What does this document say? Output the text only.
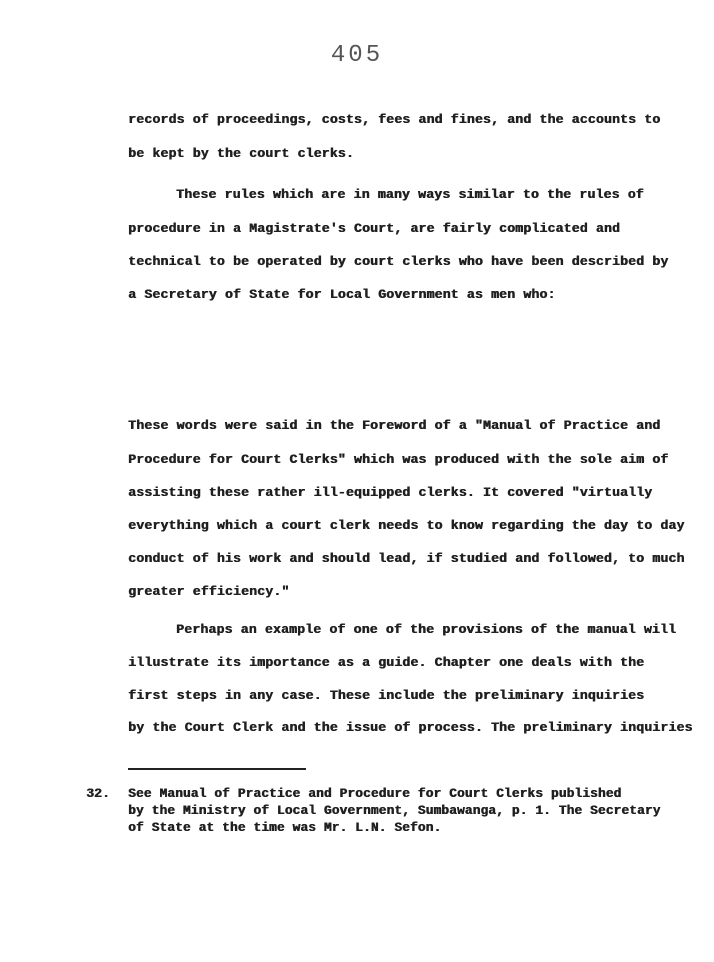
405
records of proceedings, costs, fees and fines, and the accounts to
be kept by the court clerks.
These rules which are in many ways similar to the rules of
procedure in a Magistrate's Court, are fairly complicated and
technical to be operated by court clerks who have been described by
a Secretary of State for Local Government as men who:
These words were said in the Foreword of a "Manual of Practice and
Procedure for Court Clerks" which was produced with the sole aim of
assisting these rather ill-equipped clerks. It covered "virtually
everything which a court clerk needs to know regarding the day to day
conduct of his work and should lead, if studied and followed, to much
greater efficiency."
Perhaps an example of one of the provisions of the manual will
illustrate its importance as a guide. Chapter one deals with the
first steps in any case. These include the preliminary inquiries
by the Court Clerk and the issue of process. The preliminary inquiries
32. See Manual of Practice and Procedure for Court Clerks published
by the Ministry of Local Government, Sumbawanga, p. 1. The Secretary
of State at the time was Mr. L.N. Sefon.
